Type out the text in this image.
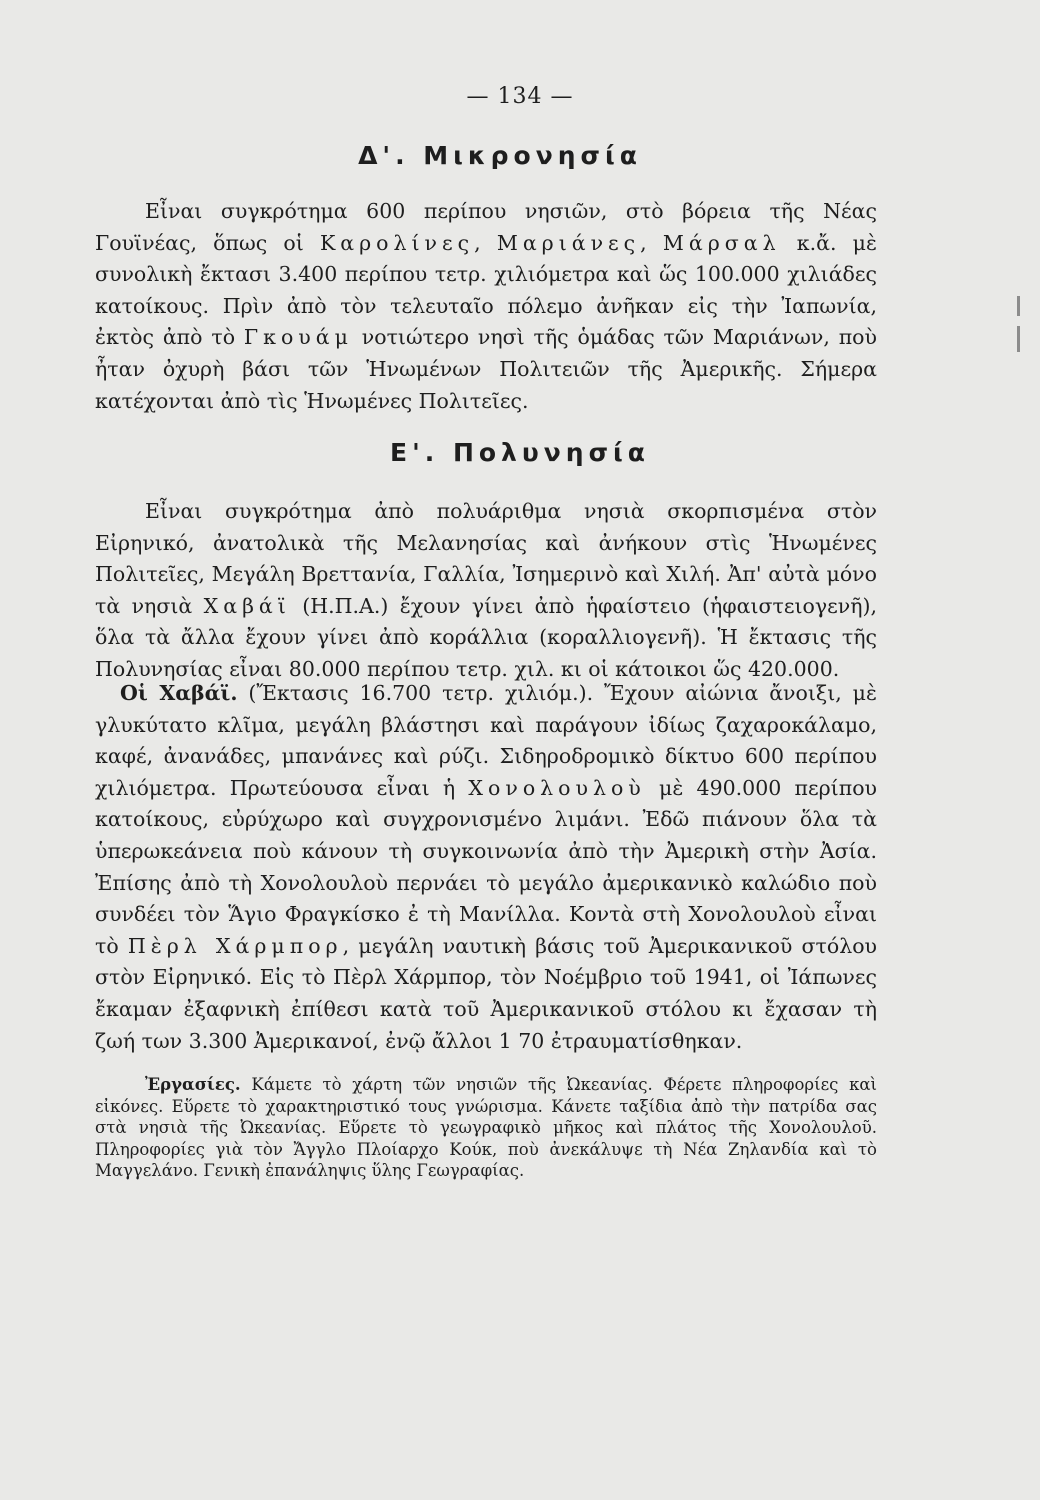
— 134 —
Δ'. Μικρονησία

Εἶναι συγκρότημα 600 περίπου νησιῶν, στὸ βόρεια τῆς Νέας Γουϊνέας, ὅπως οἱ Καρολίνες, Μαριάνες, Μάρσαλ κ.ἄ. μὲ συνολικὴ ἔκτασι 3.400 περίπου τετρ. χιλιόμετρα καὶ ὥς 100.000 χιλιάδες κατοίκους. Πρὶν ἀπὸ τὸν τελευταῖο πόλεμο ἀνῆκαν εἰς τὴν Ἰαπωνία, ἐκτὸς ἀπὸ τὸ Γκουάμ νοτιώτερο νησὶ τῆς ὁμάδας τῶν Μαριάνων, ποὺ ἦταν ὀχυρὴ βάσι τῶν Ἡνωμένων Πολιτειῶν τῆς Ἀμερικῆς. Σήμερα κατέχονται ἀπὸ τὶς Ἡνωμένες Πολιτεῖες.

Ε'. Πολυνησία

Εἶναι συγκρότημα ἀπὸ πολυάριθμα νησιὰ σκορπισμένα στὸν Εἰρηνικό, ἀνατολικὰ τῆς Μελανησίας καὶ ἀνήκουν στὶς Ἡνωμένες Πολιτεῖες, Μεγάλη Βρεττανία, Γαλλία, Ἰσημερινὸ καὶ Χιλή. Ἀπ' αὐτὰ μόνο τὰ νησιὰ Χαβάϊ (Η.Π.Α.) ἔχουν γίνει ἀπὸ ἡφαίστειο (ἡφαιστειογενῆ), ὅλα τὰ ἄλλα ἔχουν γίνει ἀπὸ κοράλλια (κοραλλιογενῆ). Ἡ ἔκτασις τῆς Πολυνησίας εἶναι 80.000 περίπου τετρ. χιλ. κι οἱ κάτοικοι ὥς 420.000.

Οἱ Χαβάϊ. (Ἔκτασις 16.700 τετρ. χιλιόμ.). Ἔχουν αἰώνια ἄνοιξι, μὲ γλυκύτατο κλῖμα, μεγάλη βλάστησι καὶ παράγουν ἰδίως ζαχαροκάλαμο, καφέ, ἀνανάδες, μπανάνες καὶ ρύζι. Σιδηροδρομικὸ δίκτυο 600 περίπου χιλιόμετρα. Πρωτεύουσα εἶναι ἡ Χονολουλοὺ μὲ 490.000 περίπου κατοίκους, εὐρύχωρο καὶ συγχρονισμένο λιμάνι. Ἐδῶ πιάνουν ὅλα τὰ ὑπερωκεάνεια ποὺ κάνουν τὴ συγκοινωνία ἀπὸ τὴν Ἀμερικὴ στὴν Ἀσία. Ἐπίσης ἀπὸ τὴ Χονολουλοὺ περνάει τὸ μεγάλο ἀμερικανικὸ καλώδιο ποὺ συνδέει τὸν Ἅγιο Φραγκίσκο ἐ τὴ Μανίλλα. Κοντὰ στὴ Χονολουλοὺ εἶναι τὸ Πὲρλ Χάρμπορ, μεγάλη ναυτικὴ βάσις τοῦ Ἀμερικανικοῦ στόλου στὸν Εἰρηνικό. Εἰς τὸ Πὲρλ Χάρμπορ, τὸν Νοέμβριο τοῦ 1941, οἱ Ἰάπωνες ἔκαμαν ἐξαφνικὴ ἐπίθεσι κατὰ τοῦ Ἀμερικανικοῦ στόλου κι ἔχασαν τὴ ζωή των 3.300 Ἀμερικανοί, ἐνῷ ἄλλοι 1 70 ἐτραυματίσθηκαν.

Ἐργασίες. Κάμετε τὸ χάρτη τῶν νησιῶν τῆς Ὠκεανίας. Φέρετε πληροφορίες καὶ εἰκόνες. Εὕρετε τὸ χαρακτηριστικό τους γνώρισμα. Κάνετε ταξίδια ἀπὸ τὴν πατρίδα σας στὰ νησιὰ τῆς Ὠκεανίας. Εὕρετε τὸ γεωγραφικὸ μῆκος καὶ πλάτος τῆς Χονολουλοῦ. Πληροφορίες γιὰ τὸν Ἄγγλο Πλοίαρχο Κούκ, ποὺ ἀνεκάλυψε τὴ Νέα Ζηλανδία καὶ τὸ Μαγγελάνο. Γενικὴ ἐπανάληψις ὕλης Γεωγραφίας.
